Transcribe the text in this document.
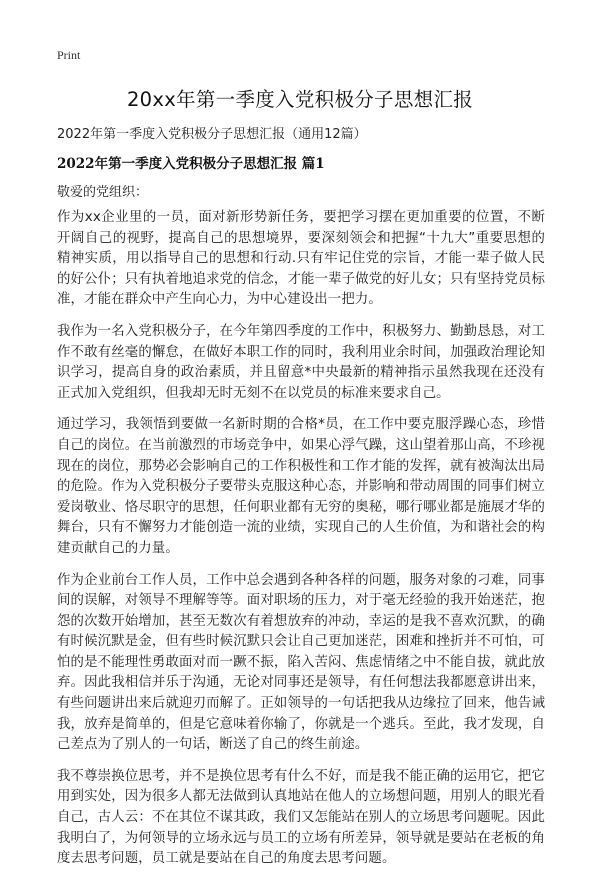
Print
20xx年第一季度入党积极分子思想汇报
2022年第一季度入党积极分子思想汇报（通用12篇）
2022年第一季度入党积极分子思想汇报 篇1
敬爱的党组织：

作为xx企业里的一员，面对新形势新任务，要把学习摆在更加重要的位置，不断开阔自己的视野，提高自己的思想境界，要深刻领会和把握“十九大”重要思想的精神实质，用以指导自己的思想和行动.只有牢记住党的宗旨，才能一辈子做人民的好公仆；只有执着地追求党的信念，才能一辈子做党的好儿女；只有坚持党员标准，才能在群众中产生向心力，为中心建设出一把力。

我作为一名入党积极分子，在今年第四季度的工作中，积极努力、勤勤恳恳，对工作不敢有丝毫的懈怠，在做好本职工作的同时，我利用业余时间，加强政治理论知识学习，提高自身的政治素质，并且留意*中央最新的精神指示虽然我现在还没有正式加入党组织，但我却无时无刻不在以党员的标准来要求自己。

通过学习，我领悟到要做一名新时期的合格*员，在工作中要克服浮躁心态，珍惜自己的岗位。在当前激烈的市场竞争中，如果心浮气躁，这山望着那山高，不珍视现在的岗位，那势必会影响自己的工作积极性和工作才能的发挥，就有被淘汰出局的危险。作为入党积极分子要带头克服这种心态，并影响和带动周围的同事们树立爱岗敬业、恪尽职守的思想，任何职业都有无穷的奥秘，哪行哪业都是施展才华的舞台，只有不懈努力才能创造一流的业绩，实现自己的人生价值，为和谐社会的构建贡献自己的力量。

作为企业前台工作人员，工作中总会遇到各种各样的问题，服务对象的刁难，同事间的误解，对领导不理解等等。面对职场的压力，对于毫无经验的我开始迷茫，抱怨的次数开始增加，甚至无数次有着想放弃的冲动，幸运的是我不喜欢沉默，的确有时候沉默是金，但有些时候沉默只会让自己更加迷茫，困难和挫折并不可怕，可怕的是不能理性勇敢面对而一蹶不振，陷入苦闷、焦虑情绪之中不能自拔，就此放弃。因此我相信并乐于沟通，无论对同事还是领导，有任何想法我都愿意讲出来，有些问题讲出来后就迎刃而解了。正如领导的一句话把我从边缘拉了回来，他告诫我，放弃是简单的，但是它意味着你输了，你就是一个逃兵。至此，我才发现，自己差点为了别人的一句话，断送了自己的终生前途。

我不尊崇换位思考，并不是换位思考有什么不好，而是我不能正确的运用它，把它用到实处，因为很多人都无法做到认真地站在他人的立场想问题，用别人的眼光看自己，古人云：不在其位不谋其政，我们又怎能站在别人的立场思考问题呢。因此我明白了，为何领导的立场永远与员工的立场有所差异，领导就是要站在老板的角度去思考问题，员工就是要站在自己的角度去思考问题。
